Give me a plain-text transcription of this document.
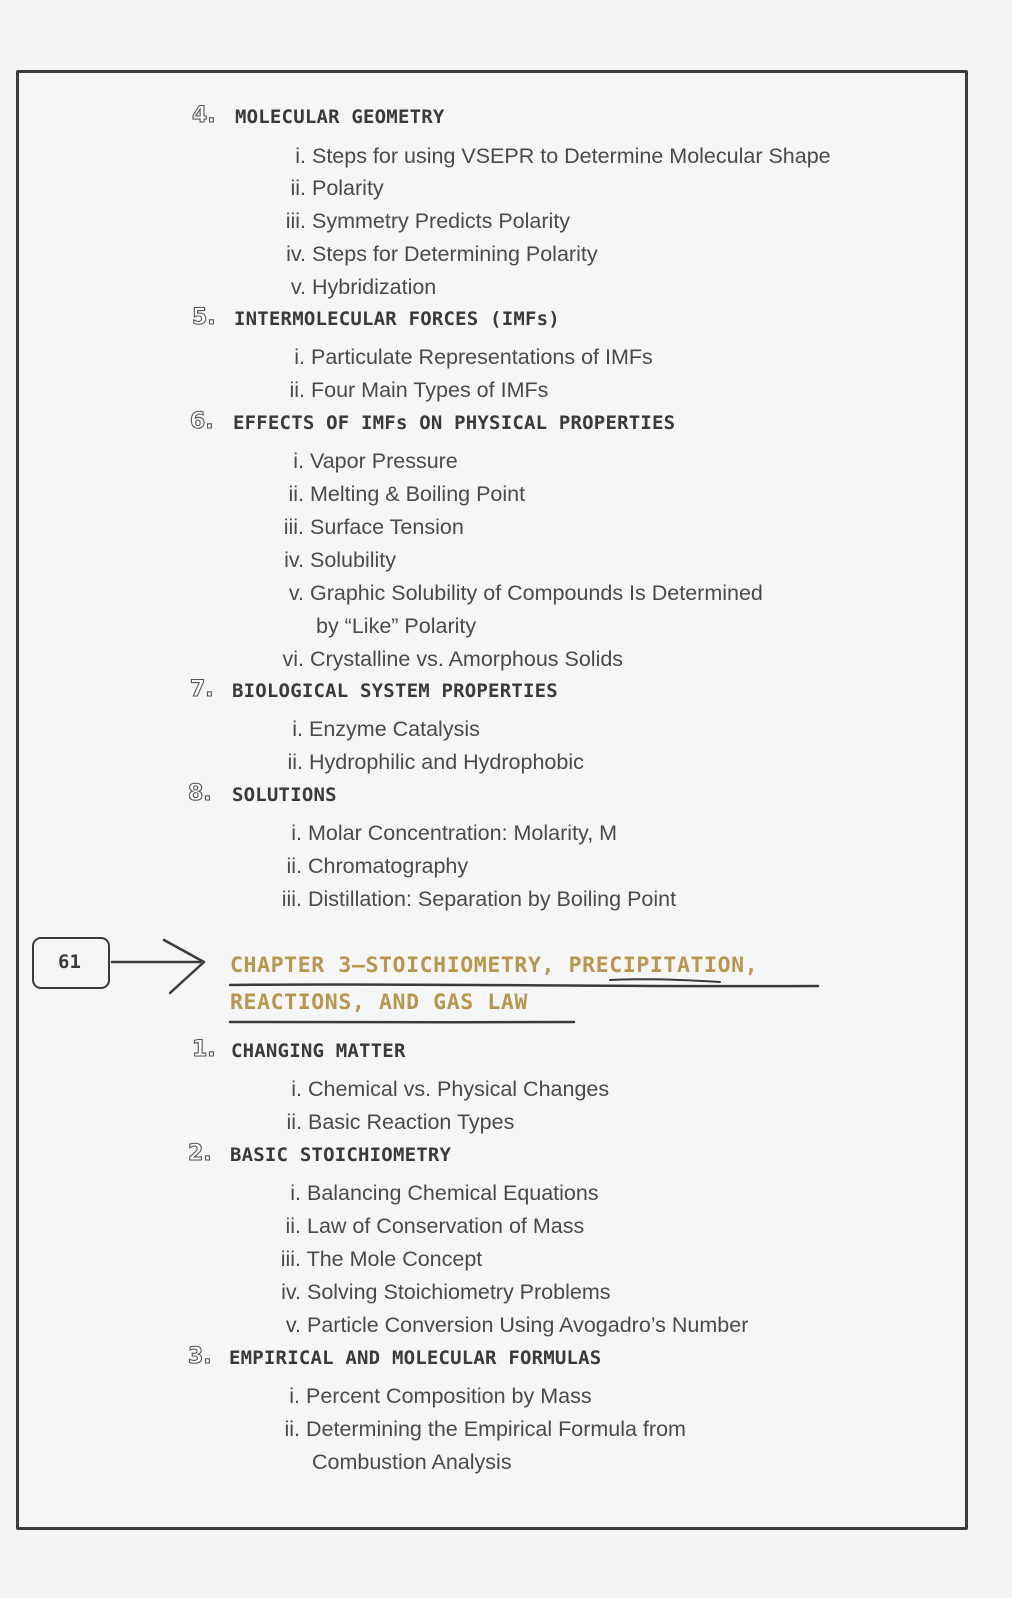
61	CHAPTER 3–STOICHIOMETRY, PRECIPITATION,
REACTIONS, AND GAS LAW
4. MOLECULAR GEOMETRY
i. Steps for using VSEPR to Determine Molecular Shape
ii. Polarity
iii. Symmetry Predicts Polarity
iv. Steps for Determining Polarity
v. Hybridization
5. INTERMOLECULAR FORCES (IMFs)
i. Particulate Representations of IMFs
ii. Four Main Types of IMFs
6. EFFECTS OF IMFs ON PHYSICAL PROPERTIES
i. Vapor Pressure
ii. Melting & Boiling Point
iii. Surface Tension
iv. Solubility
v. Graphic Solubility of Compounds Is Determined
by “Like” Polarity
vi. Crystalline vs. Amorphous Solids
7. BIOLOGICAL SYSTEM PROPERTIES
i. Enzyme Catalysis
ii. Hydrophilic and Hydrophobic
8. SOLUTIONS
i. Molar Concentration: Molarity, M
ii. Chromatography
iii. Distillation: Separation by Boiling Point
1. CHANGING MATTER
i. Chemical vs. Physical Changes
ii. Basic Reaction Types
2. BASIC STOICHIOMETRY
i. Balancing Chemical Equations
ii. Law of Conservation of Mass
iii. The Mole Concept
iv. Solving Stoichiometry Problems
v. Particle Conversion Using Avogadro’s Number
3. EMPIRICAL AND MOLECULAR FORMULAS
i. Percent Composition by Mass
ii. Determining the Empirical Formula from
Combustion Analysis
